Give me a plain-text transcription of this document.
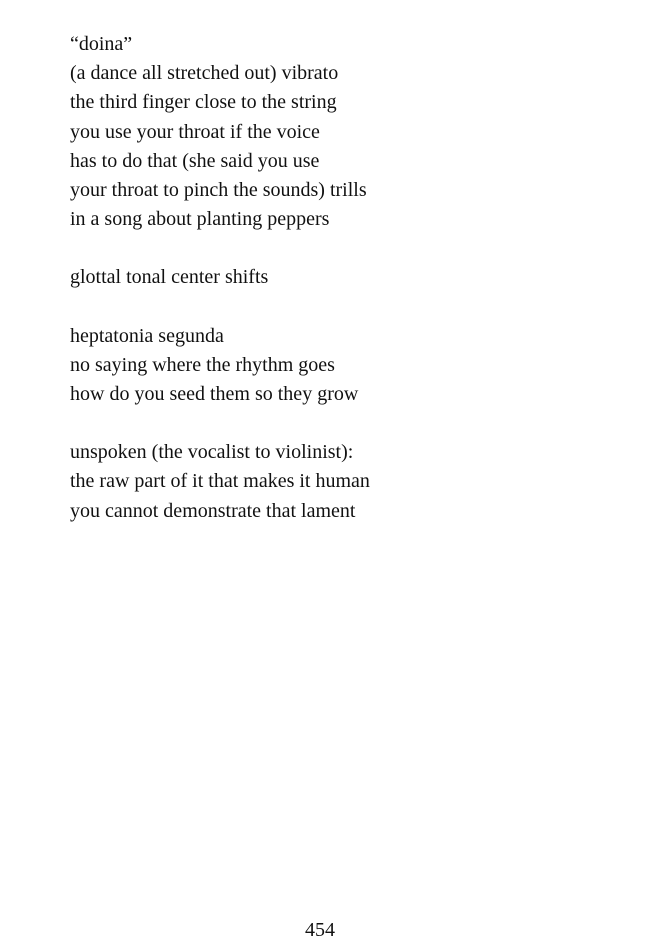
“doina”
(a dance all stretched out) vibrato
the third finger close to the string
you use your throat if the voice
has to do that (she said you use
your throat to pinch the sounds) trills
in a song about planting peppers
glottal tonal center shifts
heptatonia segunda
no saying where the rhythm goes
how do you seed them so they grow
unspoken (the vocalist to violinist):
the raw part of it that makes it human
you cannot demonstrate that lament
454
